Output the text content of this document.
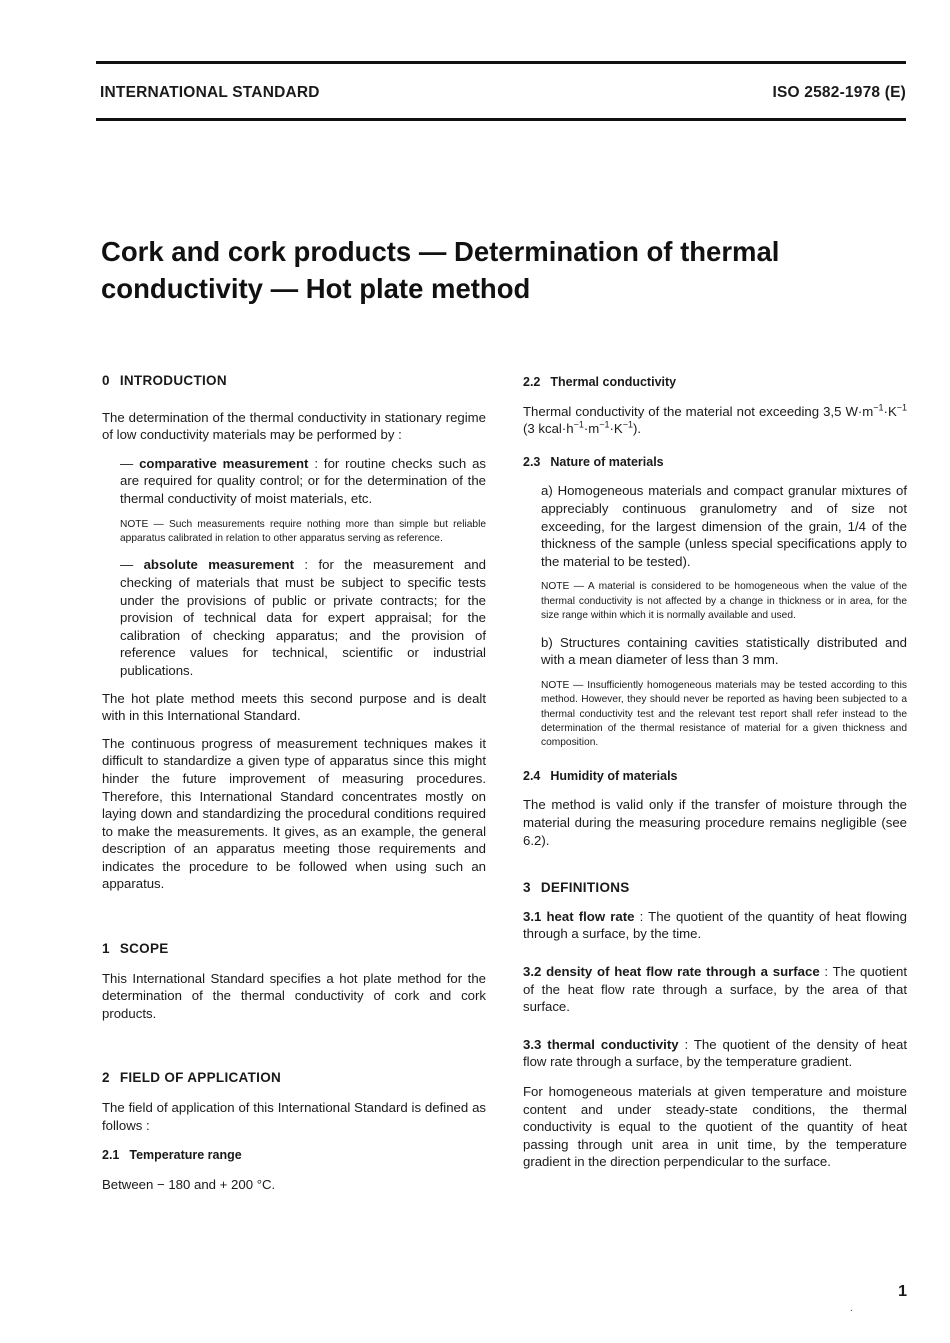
INTERNATIONAL STANDARD	ISO 2582-1978 (E)
Cork and cork products — Determination of thermal
conductivity — Hot plate method

0 INTRODUCTION

The determination of the thermal conductivity in stationary regime of low conductivity materials may be performed by :

— comparative measurement : for routine checks such as are required for quality control; or for the determination of the thermal conductivity of moist materials, etc.

NOTE — Such measurements require nothing more than simple but reliable apparatus calibrated in relation to other apparatus serving as reference.

— absolute measurement : for the measurement and checking of materials that must be subject to specific tests under the provisions of public or private contracts; for the provision of technical data for expert appraisal; for the calibration of checking apparatus; and the provision of reference values for technical, scientific or industrial publications.

The hot plate method meets this second purpose and is dealt with in this International Standard.

The continuous progress of measurement techniques makes it difficult to standardize a given type of apparatus since this might hinder the future improvement of measuring procedures. Therefore, this International Standard concentrates mostly on laying down and standardizing the procedural conditions required to make the measurements. It gives, as an example, the general description of an apparatus meeting those requirements and indicates the procedure to be followed when using such an apparatus.

1 SCOPE

This International Standard specifies a hot plate method for the determination of the thermal conductivity of cork and cork products.

2 FIELD OF APPLICATION

The field of application of this International Standard is defined as follows :

2.1 Temperature range

Between − 180 and + 200 °C.

2.2 Thermal conductivity

Thermal conductivity of the material not exceeding 3,5 $W\cdot m^{-1}\cdot K^{-1}$ (3 $kcal\cdot h^{-1}\cdot m^{-1}\cdot K^{-1}$).

2.3 Nature of materials

a) Homogeneous materials and compact granular mixtures of appreciably continuous granulometry and of size not exceeding, for the largest dimension of the grain, 1/4 of the thickness of the sample (unless special specifications apply to the material to be tested).

NOTE — A material is considered to be homogeneous when the value of the thermal conductivity is not affected by a change in thickness or in area, for the size range within which it is normally available and used.

b) Structures containing cavities statistically distributed and with a mean diameter of less than 3 mm.

NOTE — Insufficiently homogeneous materials may be tested according to this method. However, they should never be reported as having been subjected to a thermal conductivity test and the relevant test report shall refer instead to the determination of the thermal resistance of material for a given thickness and composition.

2.4 Humidity of materials

The method is valid only if the transfer of moisture through the material during the measuring procedure remains negligible (see 6.2).

3 DEFINITIONS

3.1 heat flow rate : The quotient of the quantity of heat flowing through a surface, by the time.

3.2 density of heat flow rate through a surface : The quotient of the heat flow rate through a surface, by the area of that surface.

3.3 thermal conductivity : The quotient of the density of heat flow rate through a surface, by the temperature gradient.

For homogeneous materials at given temperature and moisture content and under steady-state conditions, the thermal conductivity is equal to the quotient of the quantity of heat passing through unit area in unit time, by the temperature gradient in the direction perpendicular to the surface.

1
.
